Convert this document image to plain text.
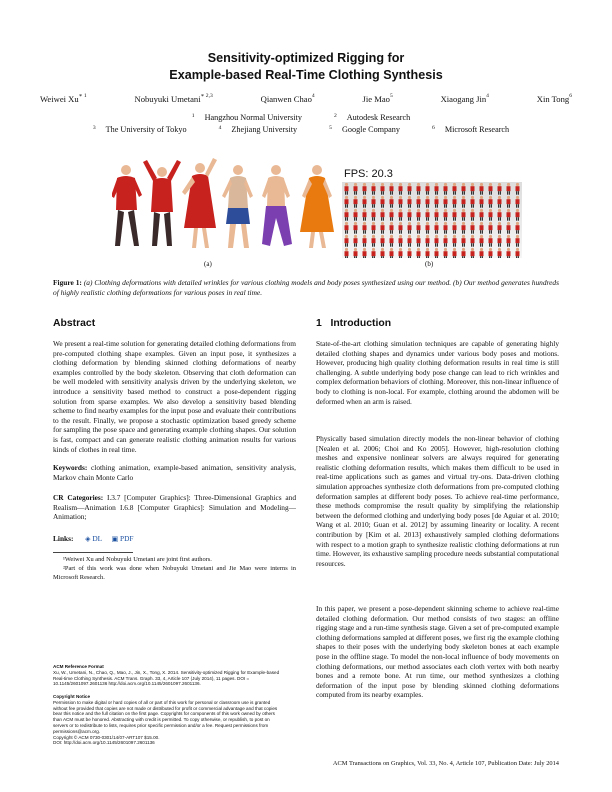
Sensitivity-optimized Rigging for
Example-based Real-Time Clothing Synthesis
Weiwei $Xu^{∗ 1}$	Nobuyuki Umetani$^{∗ 2,3}$	Qianwen Chao$^4$	Jie Mao$^5$	Xiaogang Jin$^4$	Xin Tong$^6$
$^1$ Hangzhou Normal University	$^2$ Autodesk Research
$^3$ The University of Tokyo	$^4$ Zhejiang University	$^5$ Google Company	$^6$ Microsoft Research
(a)
FPS: 20.3
(b)
Figure 1: (a) Clothing deformations with detailed wrinkles for various clothing models and body poses synthesized using our method. (b) Our method generates hundreds of highly realistic clothing deformations for various poses in real time.
Abstract
We present a real-time solution for generating detailed clothing deformations from pre-computed clothing shape examples. Given an input pose, it synthesizes a clothing deformation by blending skinned clothing deformations of nearby examples controlled by the body skeleton. Observing that cloth deformation can be well modeled with sensitivity analysis driven by the underlying skeleton, we introduce a sensitivity based method to construct a pose-dependent rigging solution from sparse examples. We also develop a sensitivity based blending scheme to find nearby examples for the input pose and evaluate their contributions to the result. Finally, we propose a stochastic optimization based greedy scheme for sampling the pose space and generating example clothing shapes. Our solution is fast, compact and can generate realistic clothing animation results for various kinds of clothes in real time.
Keywords: clothing animation, example-based animation, sensitivity analysis, Markov chain Monte Carlo
CR Categories: I.3.7 [Computer Graphics]: Three-Dimensional Graphics and Realism—Animation I.6.8 [Computer Graphics]: Simulation and Modeling—Animation;
Links: ◈ DL ▣ PDF
¹Weiwei Xu and Nobuyuki Umetani are joint first authors.
²Part of this work was done when Nobuyuki Umetani and Jie Mao were interns in Microsoft Research.
ACM Reference Format
Xu, W., Umetani, N., Chao, Q., Mao, J., Jin, X., Tong, X. 2014. Sensitivity-optimized Rigging for Example-based Real-time Clothing Synthesis. ACM Trans. Graph. 33, 4, Article 107 (July 2014), 11 pages. DOI = 10.1145/2601097.2601136 http://doi.acm.org/10.1145/2601097.2601136.
Copyright Notice
Permission to make digital or hard copies of all or part of this work for personal or classroom use is granted without fee provided that copies are not made or distributed for profit or commercial advantage and that copies bear this notice and the full citation on the first page. Copyrights for components of this work owned by others than ACM must be honored. Abstracting with credit is permitted. To copy otherwise, or republish, to post on servers or to redistribute to lists, requires prior specific permission and/or a fee. Request permissions from permissions@acm.org.
Copyright © ACM 0730-0301/14/07-ART107 $15.00.
DOI: http://doi.acm.org/10.1145/2601097.2601136
1 Introduction
State-of-the-art clothing simulation techniques are capable of generating highly detailed clothing shapes and dynamics under various body poses and motions. However, producing high quality clothing deformation results in real time is still challenging. A subtle underlying body pose change can lead to rich wrinkles and complex deformation behaviors of clothing. Moreover, this non-linear influence of body to clothing is non-local. For example, clothing around the abdomen will be deformed when an arm is raised.
Physically based simulation directly models the non-linear behavior of clothing [Nealen et al. 2006; Choi and Ko 2005]. However, high-resolution clothing meshes and expensive nonlinear solvers are always required for generating realistic clothing deformation results, which makes them difficult to be used in real-time applications such as games and virtual try-ons. Data-driven clothing simulation approaches synthesize cloth deformations from pre-computed clothing deformation samples at different body poses. To achieve real-time performance, these methods compromise the result quality by simplifying the relationship between the deformed clothing and underlying body poses [de Aguiar et al. 2010; Wang et al. 2010; Guan et al. 2012] by assuming linearity or locality. A recent contribution by [Kim et al. 2013] exhaustively sampled clothing deformations with respect to a motion graph to synthesize realistic clothing deformations at run time. However, its exhaustive sampling procedure needs substantial computational resources.
In this paper, we present a pose-dependent skinning scheme to achieve real-time detailed clothing deformation. Our method consists of two stages: an offline rigging stage and a run-time synthesis stage. Given a set of pre-computed example clothing deformations sampled at different poses, we first rig the example clothing shapes to their poses with the underlying body skeleton bones at each example pose in the offline stage. To model the non-local influence of body movements on clothing deformations, our method associates each cloth vertex with both nearby bones and a remote bone. At run time, our method synthesizes a clothing deformation of the input pose by blending skinned clothing deformations computed from its nearby examples.
ACM Transactions on Graphics, Vol. 33, No. 4, Article 107, Publication Date: July 2014
